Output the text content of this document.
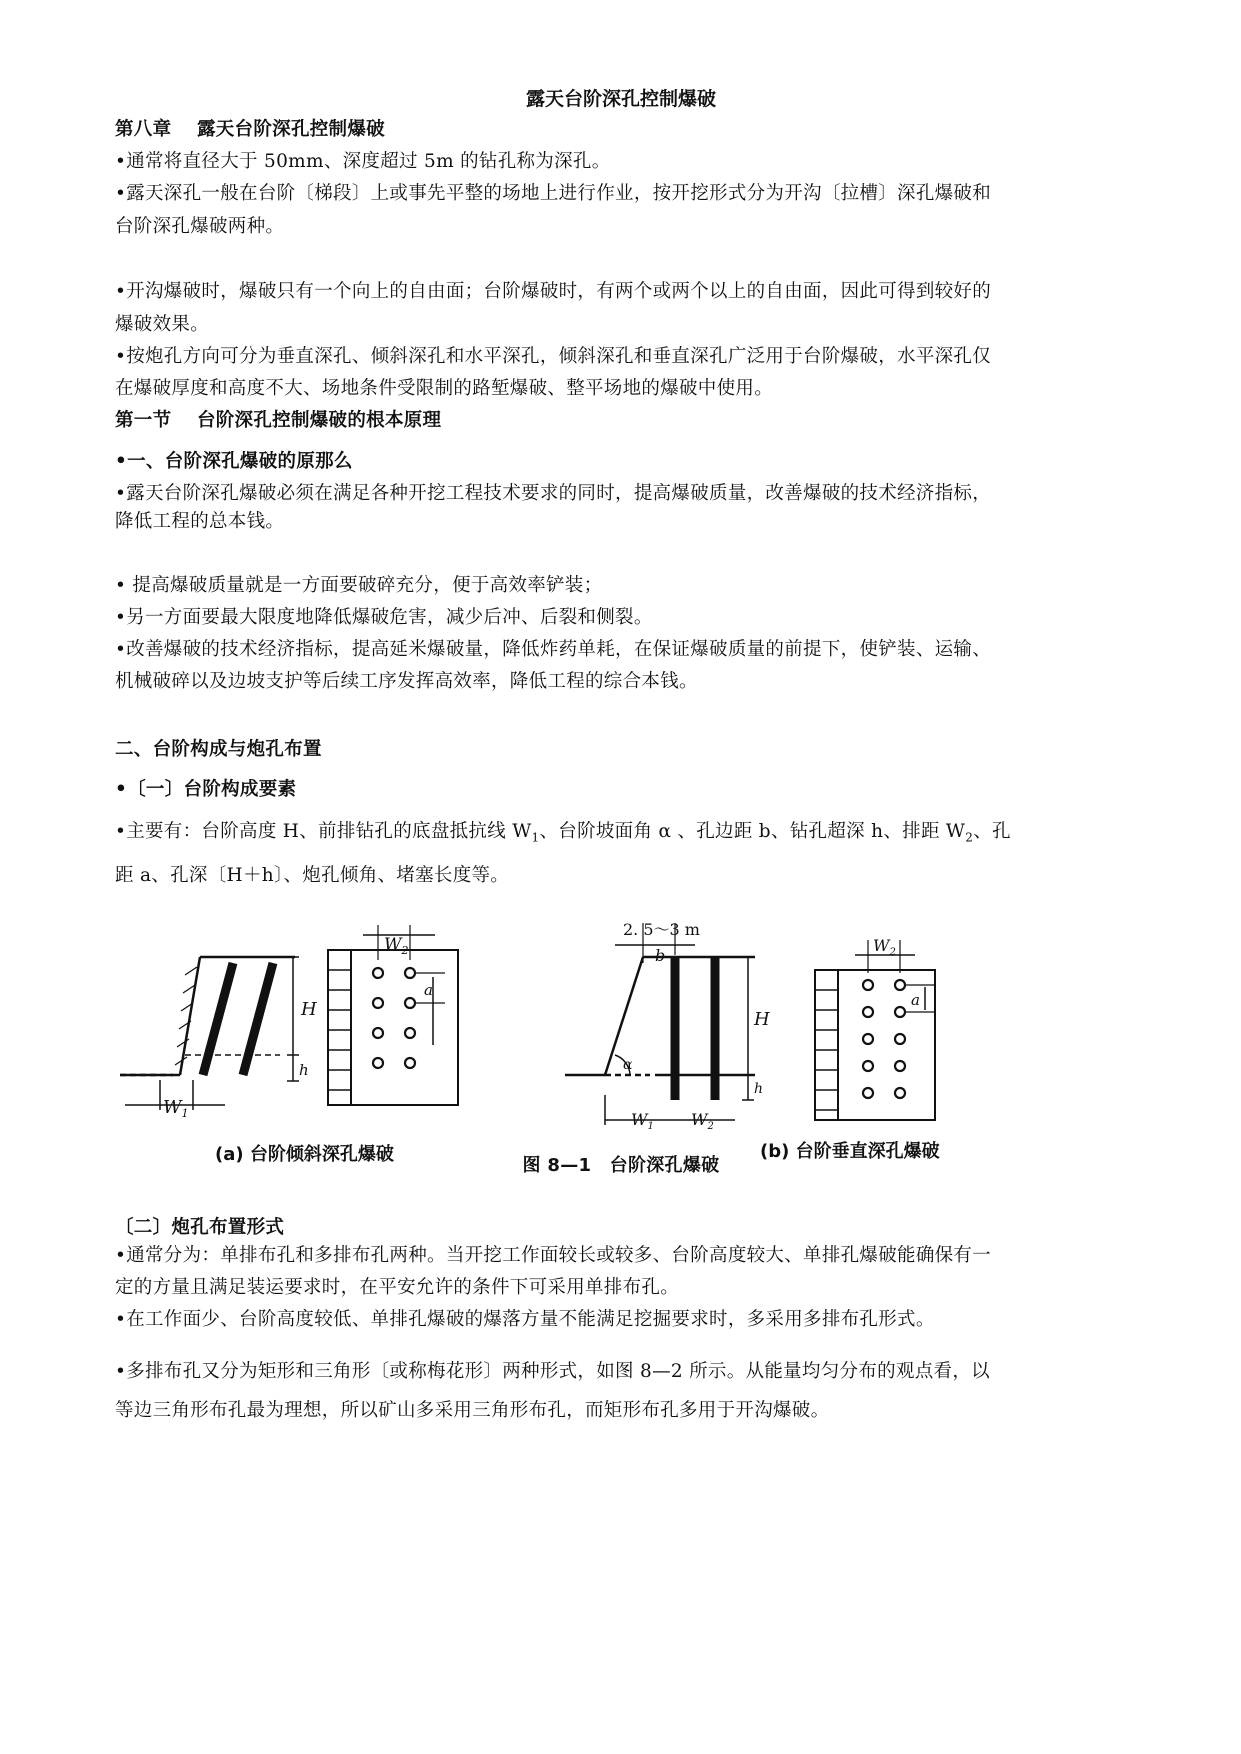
露天台阶深孔控制爆破
第八章　 露天台阶深孔控制爆破
•通常将直径大于 50mm、深度超过 5m 的钻孔称为深孔。
•露天深孔一般在台阶〔梯段〕上或事先平整的场地上进行作业，按开挖形式分为开沟〔拉槽〕深孔爆破和
台阶深孔爆破两种。
•开沟爆破时，爆破只有一个向上的自由面；台阶爆破时，有两个或两个以上的自由面，因此可得到较好的
爆破效果。
•按炮孔方向可分为垂直深孔、倾斜深孔和水平深孔，倾斜深孔和垂直深孔广泛用于台阶爆破，水平深孔仅
在爆破厚度和高度不大、场地条件受限制的路堑爆破、整平场地的爆破中使用。
第一节　 台阶深孔控制爆破的根本原理
•一、台阶深孔爆破的原那么
•露天台阶深孔爆破必须在满足各种开挖工程技术要求的同时，提高爆破质量，改善爆破的技术经济指标，
降低工程的总本钱。
• 提高爆破质量就是一方面要破碎充分，便于高效率铲装；
•另一方面要最大限度地降低爆破危害，减少后冲、后裂和侧裂。
•改善爆破的技术经济指标，提高延米爆破量，降低炸药单耗，在保证爆破质量的前提下，使铲装、运输、
机械破碎以及边坡支护等后续工序发挥高效率，降低工程的综合本钱。
二、台阶构成与炮孔布置
•〔一〕台阶构成要素
•主要有：台阶高度 H、前排钻孔的底盘抵抗线 $W_1$、台阶坡面角 α 、孔边距 b、钻孔超深 h、排距 $W_2$、孔
距 a、孔深〔H＋h〕、炮孔倾角、堵塞长度等。
H
h
$W_1$
$W_2$
a
2. 5～3 m
b
H
h
α
$W_1$ $W_2$
$W_2$
a
(a) 台阶倾斜深孔爆破	(b) 台阶垂直深孔爆破
图 8—1　台阶深孔爆破
〔二〕炮孔布置形式
•通常分为：单排布孔和多排布孔两种。当开挖工作面较长或较多、台阶高度较大、单排孔爆破能确保有一
定的方量且满足装运要求时，在平安允许的条件下可采用单排布孔。
•在工作面少、台阶高度较低、单排孔爆破的爆落方量不能满足挖掘要求时，多采用多排布孔形式。
•多排布孔又分为矩形和三角形〔或称梅花形〕两种形式，如图 8—2 所示。从能量均匀分布的观点看，以
等边三角形布孔最为理想，所以矿山多采用三角形布孔，而矩形布孔多用于开沟爆破。
